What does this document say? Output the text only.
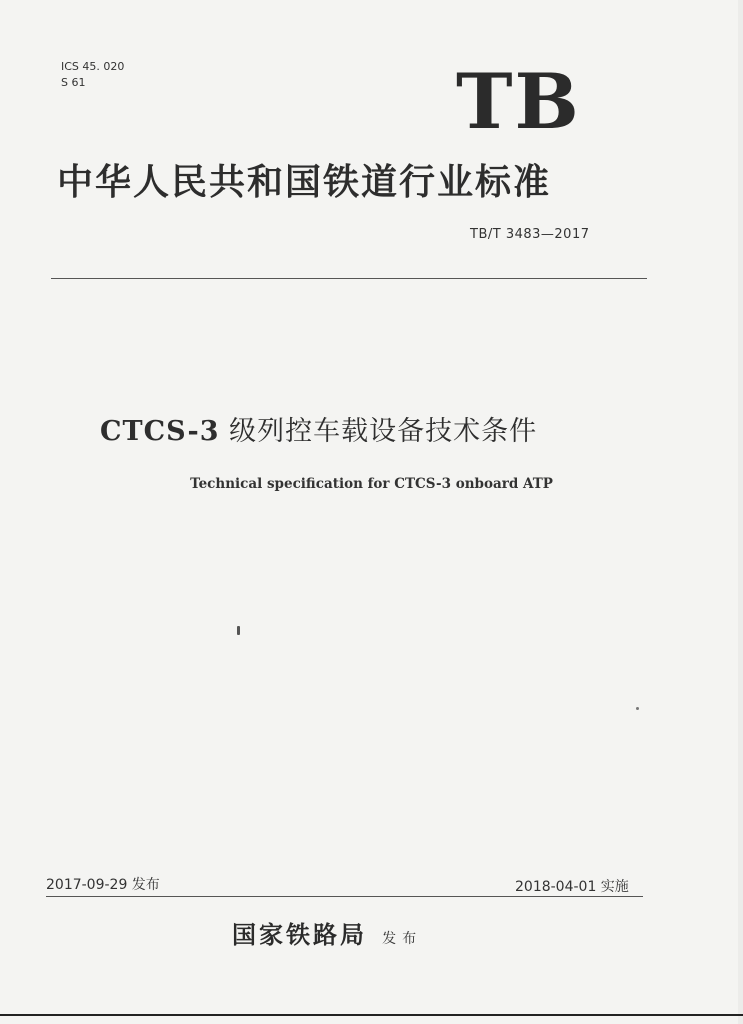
ICS 45. 020
S 61	TB
中华人民共和国铁道行业标准
TB/T 3483—2017
CTCS-3 级列控车载设备技术条件
Technical specification for CTCS-3 onboard ATP
2017-09-29 发布	2018-04-01 实施
国家铁路局 发布
